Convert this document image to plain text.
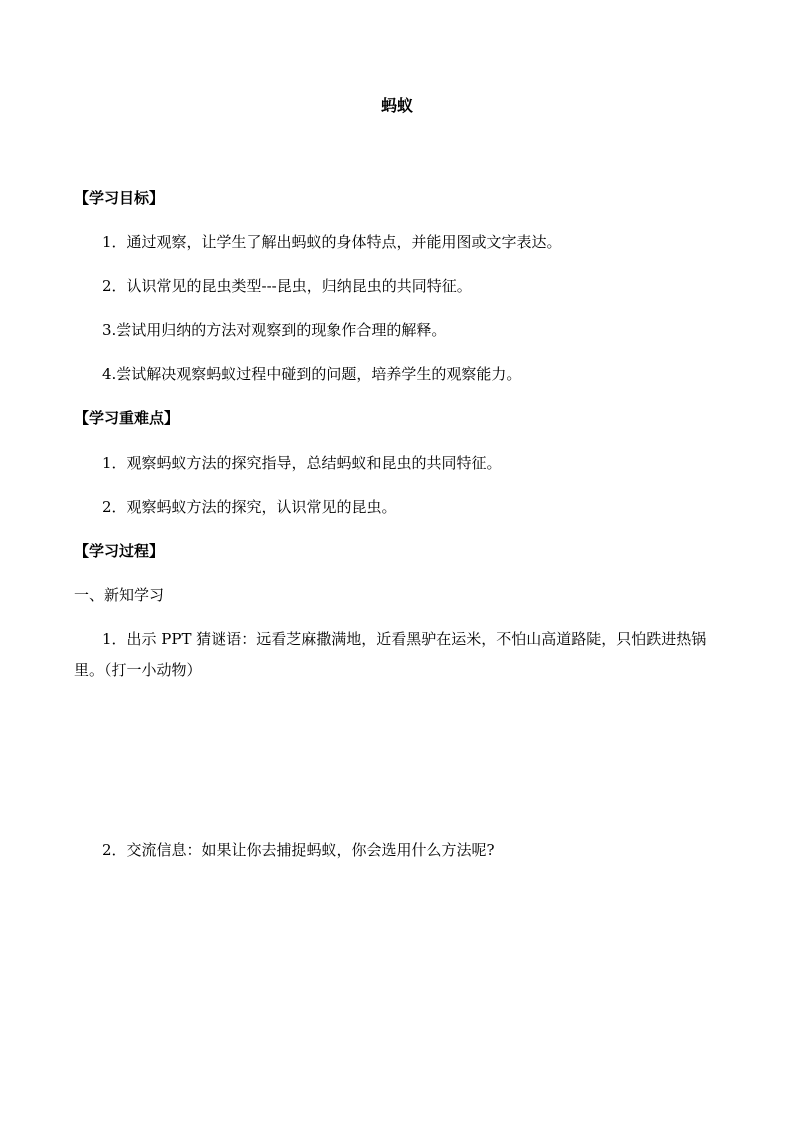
蚂蚁
【学习目标】
1．通过观察，让学生了解出蚂蚁的身体特点，并能用图或文字表达。
2．认识常见的昆虫类型---昆虫，归纳昆虫的共同特征。
3.尝试用归纳的方法对观察到的现象作合理的解释。
4.尝试解决观察蚂蚁过程中碰到的问题，培养学生的观察能力。
【学习重难点】
1．观察蚂蚁方法的探究指导，总结蚂蚁和昆虫的共同特征。
2．观察蚂蚁方法的探究，认识常见的昆虫。
【学习过程】
一、新知学习
1．出示 PPT 猜谜语：远看芝麻撒满地，近看黑驴在运米，不怕山高道路陡，只怕跌进热锅里。（打一小动物）
2．交流信息：如果让你去捕捉蚂蚁，你会选用什么方法呢?
